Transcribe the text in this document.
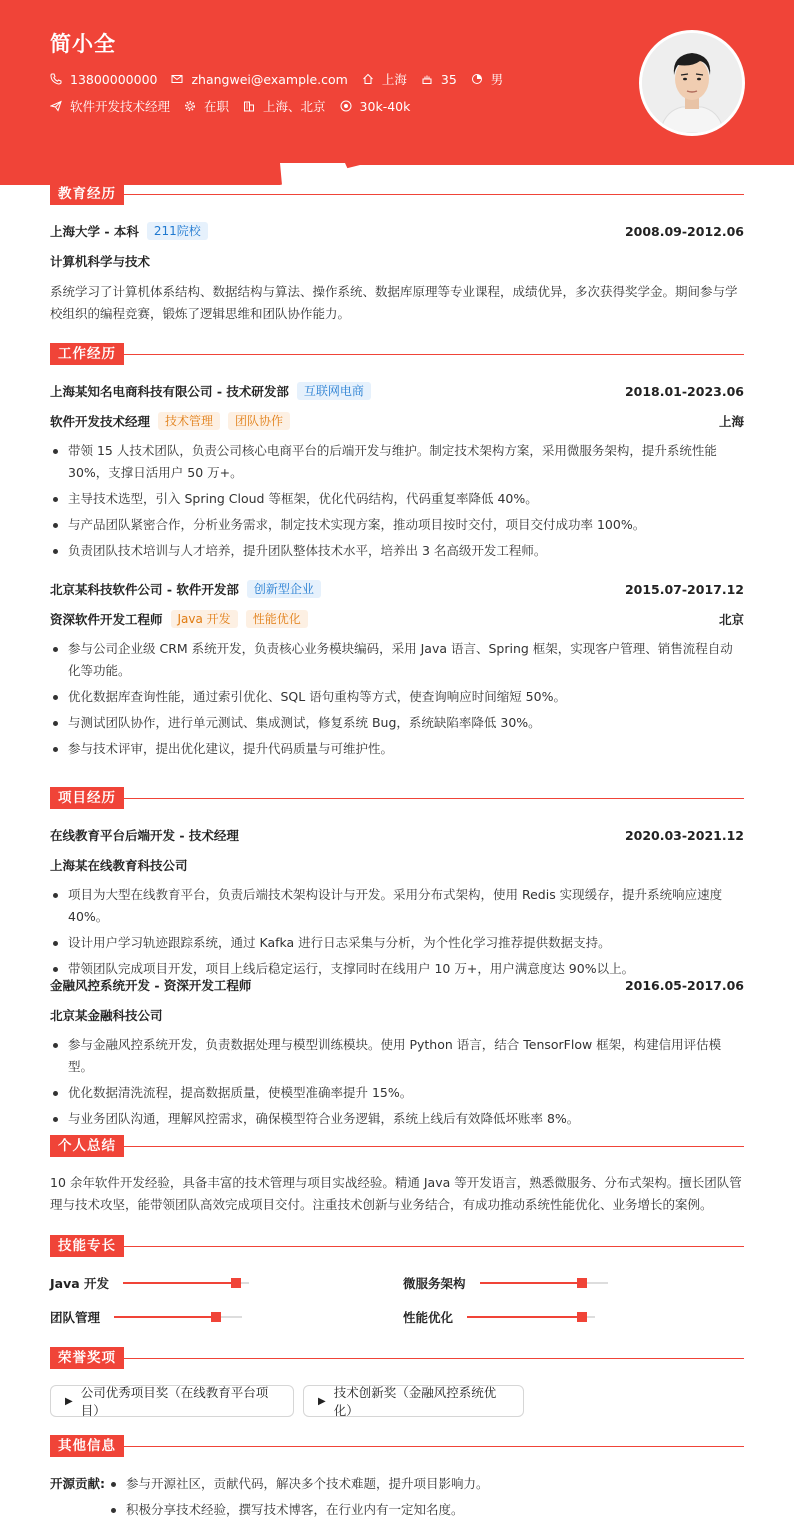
简小全
13800000000	zhangwei@example.com	上海	35	男
软件开发技术经理	在职	上海、北京	30k-40k
教育经历
上海大学 - 本科	211院校	2008.09-2012.06
计算机科学与技术
系统学习了计算机体系结构、数据结构与算法、操作系统、数据库原理等专业课程，成绩优异，多次获得奖学金。期间参与学校组织的编程竞赛，锻炼了逻辑思维和团队协作能力。
工作经历
上海某知名电商科技有限公司 - 技术研发部	互联网电商	2018.01-2023.06
软件开发技术经理	技术管理	团队协作	上海
带领 15 人技术团队，负责公司核心电商平台的后端开发与维护。制定技术架构方案，采用微服务架构，提升系统性能 30%，支撑日活用户 50 万+。
主导技术选型，引入 Spring Cloud 等框架，优化代码结构，代码重复率降低 40%。
与产品团队紧密合作，分析业务需求，制定技术实现方案，推动项目按时交付，项目交付成功率 100%。
负责团队技术培训与人才培养，提升团队整体技术水平，培养出 3 名高级开发工程师。
北京某科技软件公司 - 软件开发部	创新型企业	2015.07-2017.12
资深软件开发工程师	Java 开发	性能优化	北京
参与公司企业级 CRM 系统开发，负责核心业务模块编码，采用 Java 语言、Spring 框架，实现客户管理、销售流程自动化等功能。
优化数据库查询性能，通过索引优化、SQL 语句重构等方式，使查询响应时间缩短 50%。
与测试团队协作，进行单元测试、集成测试，修复系统 Bug，系统缺陷率降低 30%。
参与技术评审，提出优化建议，提升代码质量与可维护性。
项目经历
在线教育平台后端开发 - 技术经理	2020.03-2021.12
上海某在线教育科技公司
项目为大型在线教育平台，负责后端技术架构设计与开发。采用分布式架构，使用 Redis 实现缓存，提升系统响应速度 40%。
设计用户学习轨迹跟踪系统，通过 Kafka 进行日志采集与分析，为个性化学习推荐提供数据支持。
带领团队完成项目开发，项目上线后稳定运行，支撑同时在线用户 10 万+，用户满意度达 90%以上。
金融风控系统开发 - 资深开发工程师	2016.05-2017.06
北京某金融科技公司
参与金融风控系统开发，负责数据处理与模型训练模块。使用 Python 语言，结合 TensorFlow 框架，构建信用评估模型。
优化数据清洗流程，提高数据质量，使模型准确率提升 15%。
与业务团队沟通，理解风控需求，确保模型符合业务逻辑，系统上线后有效降低坏账率 8%。
个人总结
10 余年软件开发经验，具备丰富的技术管理与项目实战经验。精通 Java 等开发语言，熟悉微服务、分布式架构。擅长团队管理与技术攻坚，能带领团队高效完成项目交付。注重技术创新与业务结合，有成功推动系统性能优化、业务增长的案例。
技能专长
Java 开发	微服务架构
团队管理	性能优化
荣誉奖项
▶
公司优秀项目奖（在线教育平台项目）
▶
技术创新奖（金融风控系统优化）
其他信息
开源贡献:	参与开源社区，贡献代码，解决多个技术难题，提升项目影响力。
积极分享技术经验，撰写技术博客，在行业内有一定知名度。
